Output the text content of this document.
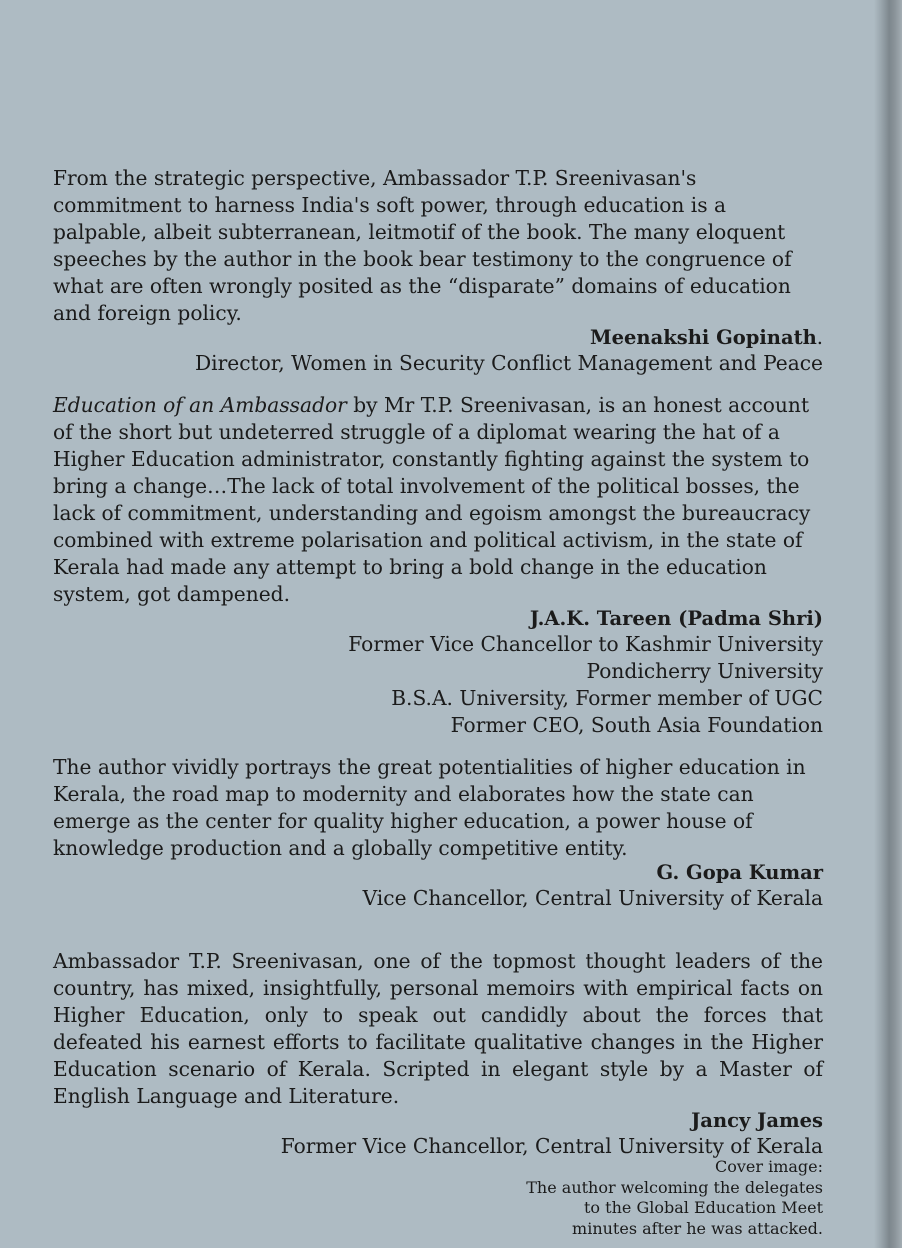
From the strategic perspective, Ambassador T.P. Sreenivasan's commitment to harness India's soft power, through education is a palpable, albeit subterranean, leitmotif of the book. The many eloquent speeches by the author in the book bear testimony to the congruence of what are often wrongly posited as the “disparate” domains of education and foreign policy.

Meenakshi Gopinath.

Director, Women in Security Conflict Management and Peace

Education of an Ambassador by Mr T.P. Sreenivasan, is an honest account of the short but undeterred struggle of a diplomat wearing the hat of a Higher Education administrator, constantly fighting against the system to bring a change…The lack of total involvement of the political bosses, the lack of commitment, understanding and egoism amongst the bureaucracy combined with extreme polarisation and political activism, in the state of Kerala had made any attempt to bring a bold change in the education system, got dampened.

J.A.K. Tareen (Padma Shri)

Former Vice Chancellor to Kashmir University

Pondicherry University

B.S.A. University, Former member of UGC

Former CEO, South Asia Foundation

The author vividly portrays the great potentialities of higher education in Kerala, the road map to modernity and elaborates how the state can emerge as the center for quality higher education, a power house of knowledge production and a globally competitive entity.

G. Gopa Kumar

Vice Chancellor, Central University of Kerala

Ambassador T.P. Sreenivasan, one of the topmost thought leaders of the country, has mixed, insightfully, personal memoirs with empirical facts on Higher Education, only to speak out candidly about the forces that defeated his earnest efforts to facilitate qualitative changes in the Higher Education scenario of Kerala. Scripted in elegant style by a Master of English Language and Literature.

Jancy James

Former Vice Chancellor, Central University of Kerala

Cover image:
The author welcoming the delegates
to the Global Education Meet
minutes after he was attacked.
